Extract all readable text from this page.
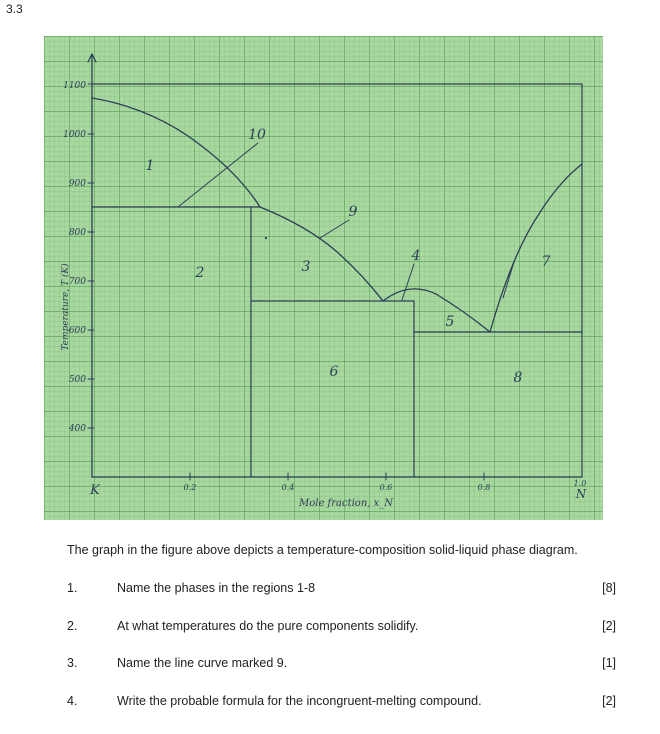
3.3
1100
1000
900
800
700
600
500
400
0.2	0.4	0.6	0.8	1.0
K	N
Mole fraction, x_N
Temperature, T (K)
1
2	3
4
5
6
7
8
9
10
The graph in the figure above depicts a temperature-composition solid-liquid phase diagram.
1.	Name the phases in the regions 1-8	[8]
2.	At what temperatures do the pure components solidify.	[2]
3.	Name the line curve marked 9.	[1]
4.	Write the probable formula for the incongruent-melting compound.	[2]
